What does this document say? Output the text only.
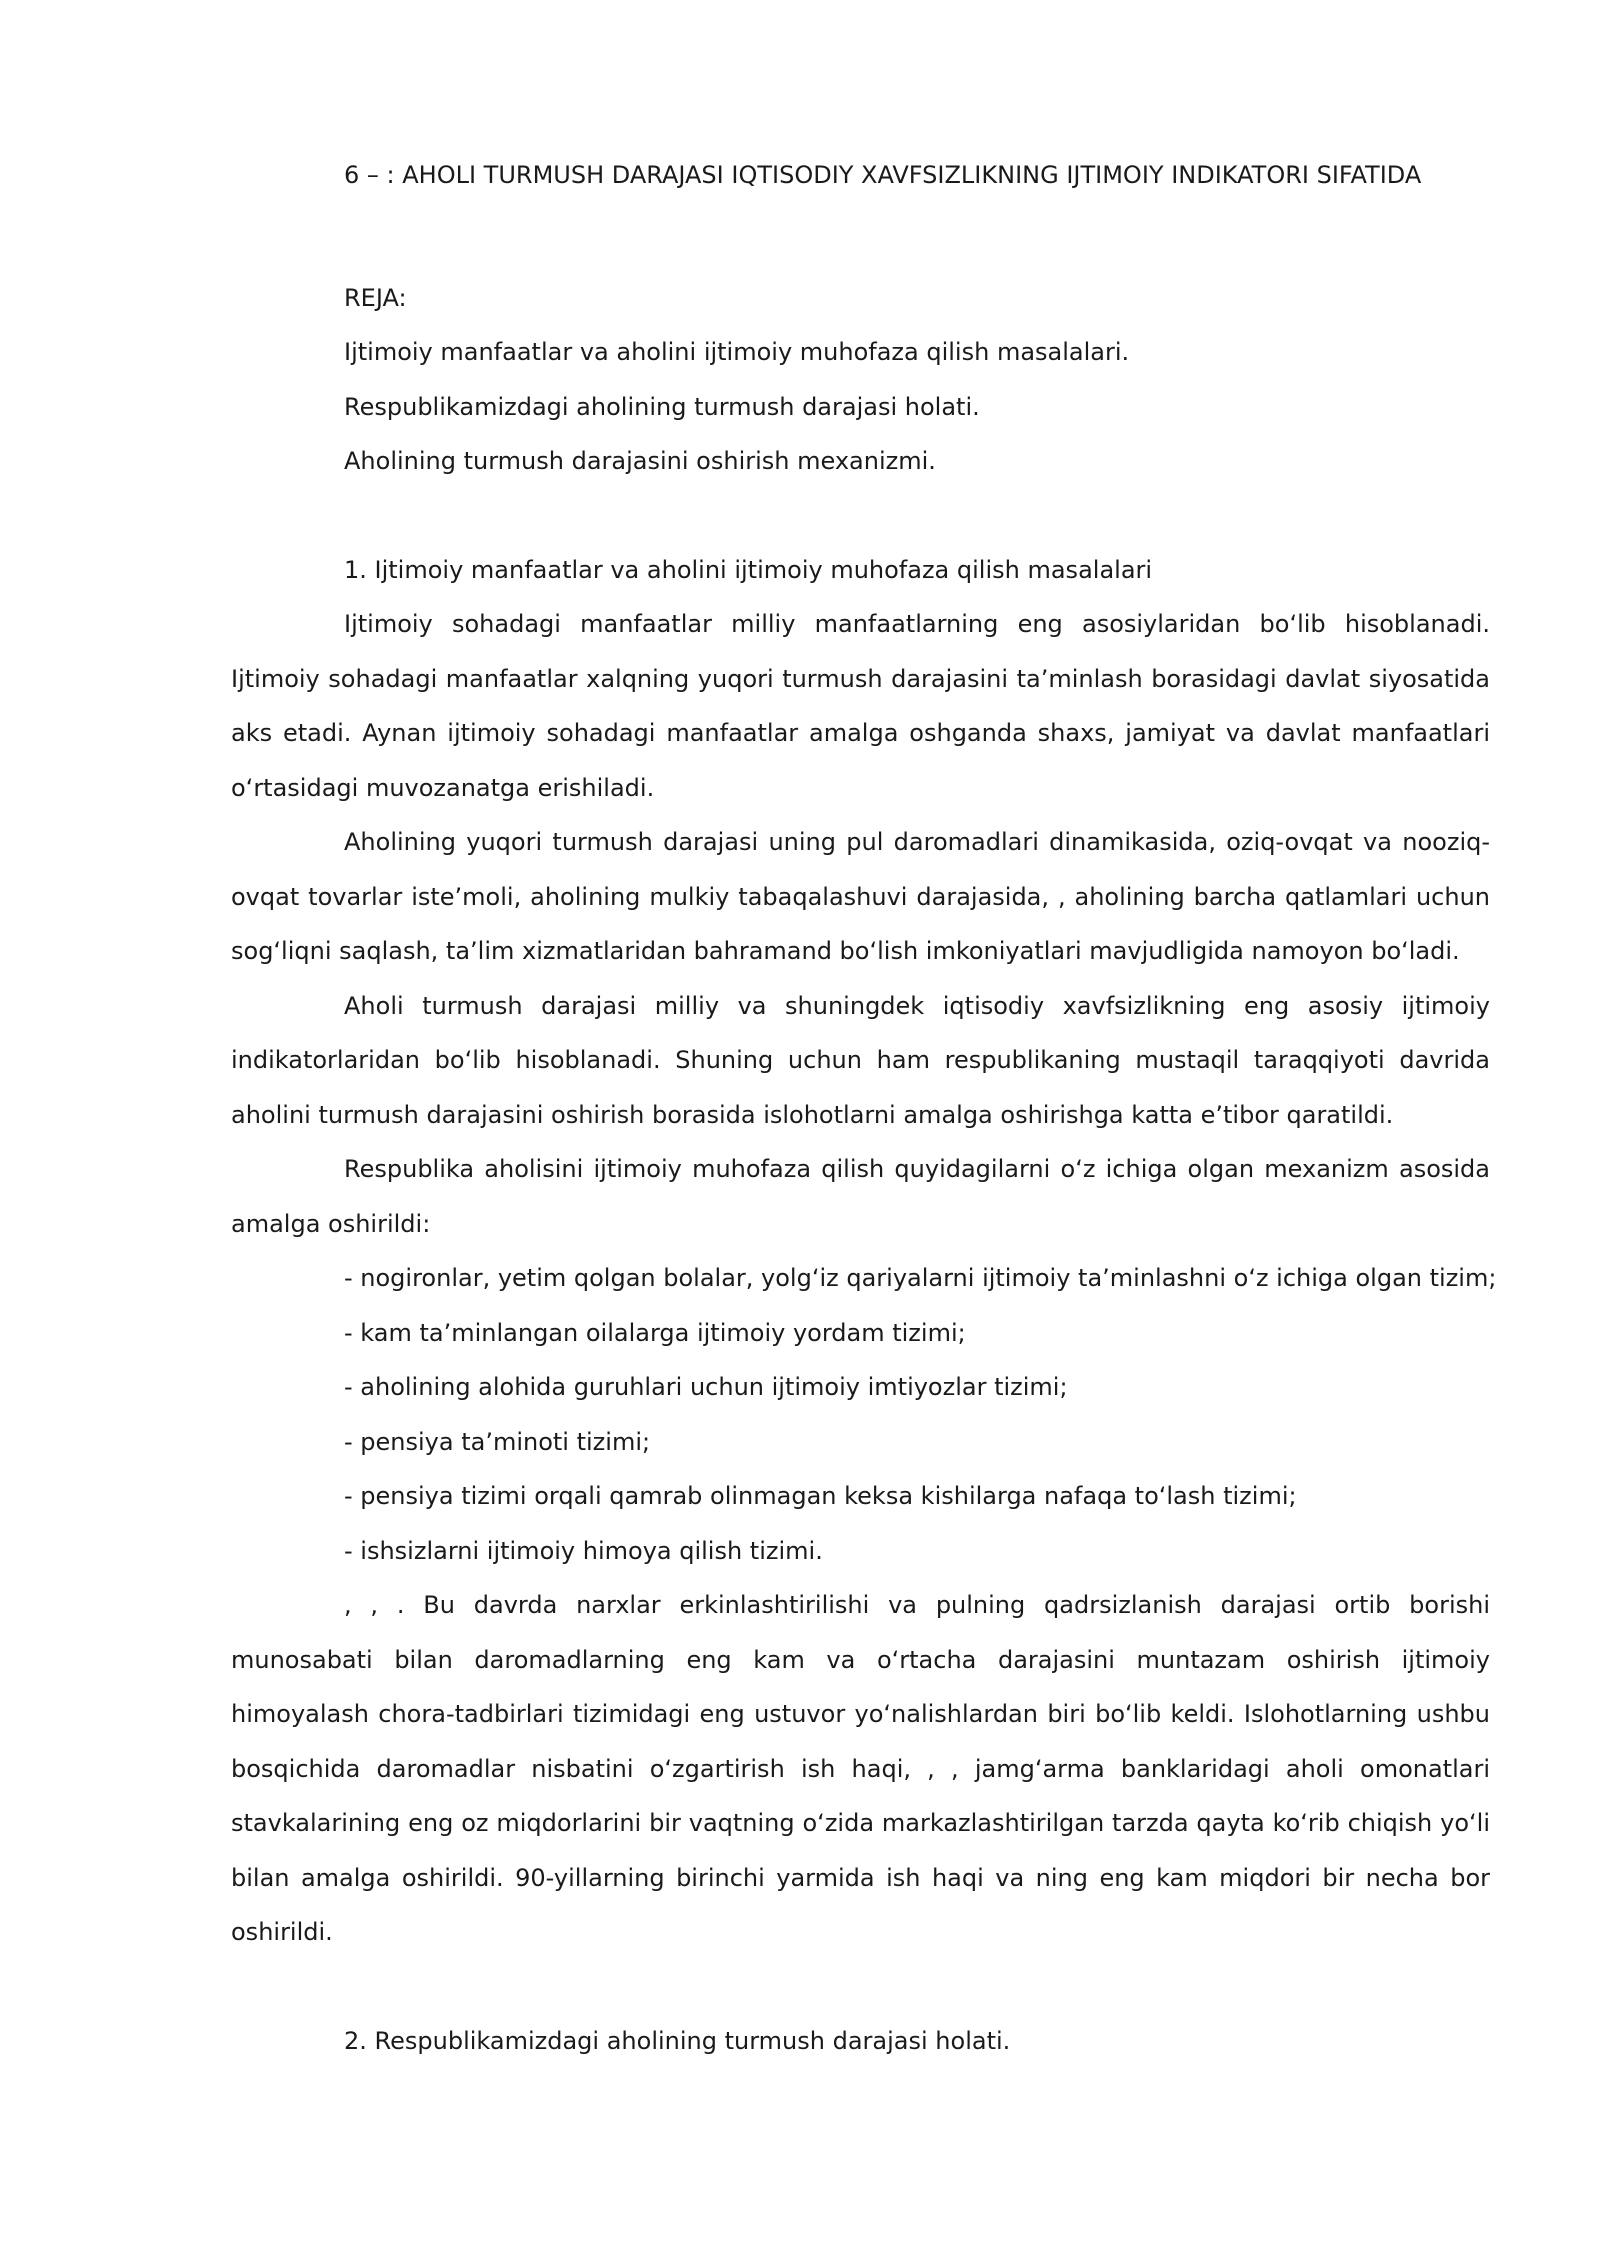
6 – : AHOLI TURMUSH DARAJASI IQTISODIY XAVFSIZLIKNING IJTIMOIY INDIKATORI SIFATIDA

REJA:

Ijtimoiy manfaatlar va aholini ijtimoiy muhofaza qilish masalalari.

Respublikamizdagi aholining turmush darajasi holati.

Aholining turmush darajasini oshirish mexanizmi.

1. Ijtimoiy manfaatlar va aholini ijtimoiy muhofaza qilish masalalari

Ijtimoiy sohadagi manfaatlar milliy manfaatlarning eng asosiylaridan bo‘lib hisoblanadi. Ijtimoiy sohadagi manfaatlar xalqning yuqori turmush darajasini ta’minlash borasidagi davlat siyosatida aks etadi. Aynan ijtimoiy sohadagi manfaatlar amalga oshganda shaxs, jamiyat va davlat manfaatlari o‘rtasidagi muvozanatga erishiladi.

Aholining yuqori turmush darajasi uning pul daromadlari dinamikasida, oziq-ovqat va nooziq-ovqat tovarlar iste’moli, aholining mulkiy tabaqalashuvi darajasida, , aholining barcha qatlamlari uchun sog‘liqni saqlash, ta’lim xizmatlaridan bahramand bo‘lish imkoniyatlari mavjudligida namoyon bo‘ladi.

Aholi turmush darajasi milliy va shuningdek iqtisodiy xavfsizlikning eng asosiy ijtimoiy indikatorlaridan bo‘lib hisoblanadi. Shuning uchun ham respublikaning mustaqil taraqqiyoti davrida aholini turmush darajasini oshirish borasida islohotlarni amalga oshirishga katta e’tibor qaratildi.

Respublika aholisini ijtimoiy muhofaza qilish quyidagilarni o‘z ichiga olgan mexanizm asosida amalga oshirildi:

- nogironlar, yetim qolgan bolalar, yolg‘iz qariyalarni ijtimoiy ta’minlashni o‘z ichiga olgan tizim;

- kam ta’minlangan oilalarga ijtimoiy yordam tizimi;

- aholining alohida guruhlari uchun ijtimoiy imtiyozlar tizimi;

- pensiya ta’minoti tizimi;

- pensiya tizimi orqali qamrab olinmagan keksa kishilarga nafaqa to‘lash tizimi;

- ishsizlarni ijtimoiy himoya qilish tizimi.

, , . Bu davrda narxlar erkinlashtirilishi va pulning qadrsizlanish darajasi ortib borishi munosabati bilan daromadlarning eng kam va o‘rtacha darajasini muntazam oshirish ijtimoiy himoyalash chora-tadbirlari tizimidagi eng ustuvor yo‘nalishlardan biri bo‘lib keldi. Islohotlarning ushbu bosqichida daromadlar nisbatini o‘zgartirish ish haqi, , , jamg‘arma banklaridagi aholi omonatlari stavkalarining eng oz miqdorlarini bir vaqtning o‘zida markazlashtirilgan tarzda qayta ko‘rib chiqish yo‘li bilan amalga oshirildi. 90-yillarning birinchi yarmida ish haqi va ning eng kam miqdori bir necha bor oshirildi.

2. Respublikamizdagi aholining turmush darajasi holati.
